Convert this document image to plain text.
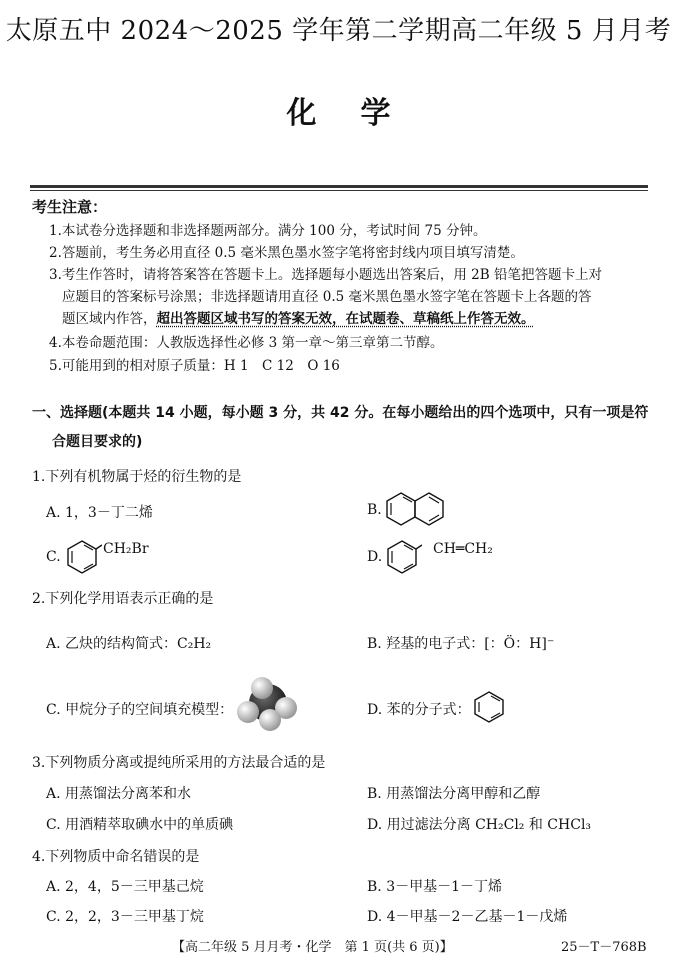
太原五中 2024～2025 学年第二学期高二年级 5 月月考
化学
考生注意：
1.本试卷分选择题和非选择题两部分。满分 100 分，考试时间 75 分钟。
2.答题前，考生务必用直径 0.5 毫米黑色墨水签字笔将密封线内项目填写清楚。
3.考生作答时，请将答案答在答题卡上。选择题每小题选出答案后，用 2B 铅笔把答题卡上对
应题目的答案标号涂黑；非选择题请用直径 0.5 毫米黑色墨水签字笔在答题卡上各题的答
题区域内作答，超出答题区域书写的答案无效，在试题卷、草稿纸上作答无效。
4.本卷命题范围：人教版选择性必修 3 第一章～第三章第二节醇。
5.可能用到的相对原子质量：H 1　C 12　O 16
一、选择题(本题共 14 小题，每小题 3 分，共 42 分。在每小题给出的四个选项中，只有一项是符
合题目要求的)
1.下列有机物属于烃的衍生物的是
A. 1，3－丁二烯	B.
C.	CH₂Br	D.	CH═CH₂
2.下列化学用语表示正确的是
A. 乙炔的结构简式：C₂H₂	B. 羟基的电子式：[：Ö：H]⁻
C. 甲烷分子的空间填充模型：	D. 苯的分子式：
3.下列物质分离或提纯所采用的方法最合适的是
A. 用蒸馏法分离苯和水	B. 用蒸馏法分离甲醇和乙醇
C. 用酒精萃取碘水中的单质碘	D. 用过滤法分离 CH₂Cl₂ 和 CHCl₃
4.下列物质中命名错误的是
A. 2，4，5－三甲基己烷	B. 3－甲基－1－丁烯
C. 2，2，3－三甲基丁烷	D. 4－甲基－2－乙基－1－戊烯
【高二年级 5 月月考・化学　第 1 页(共 6 页)】	25－T－768B
